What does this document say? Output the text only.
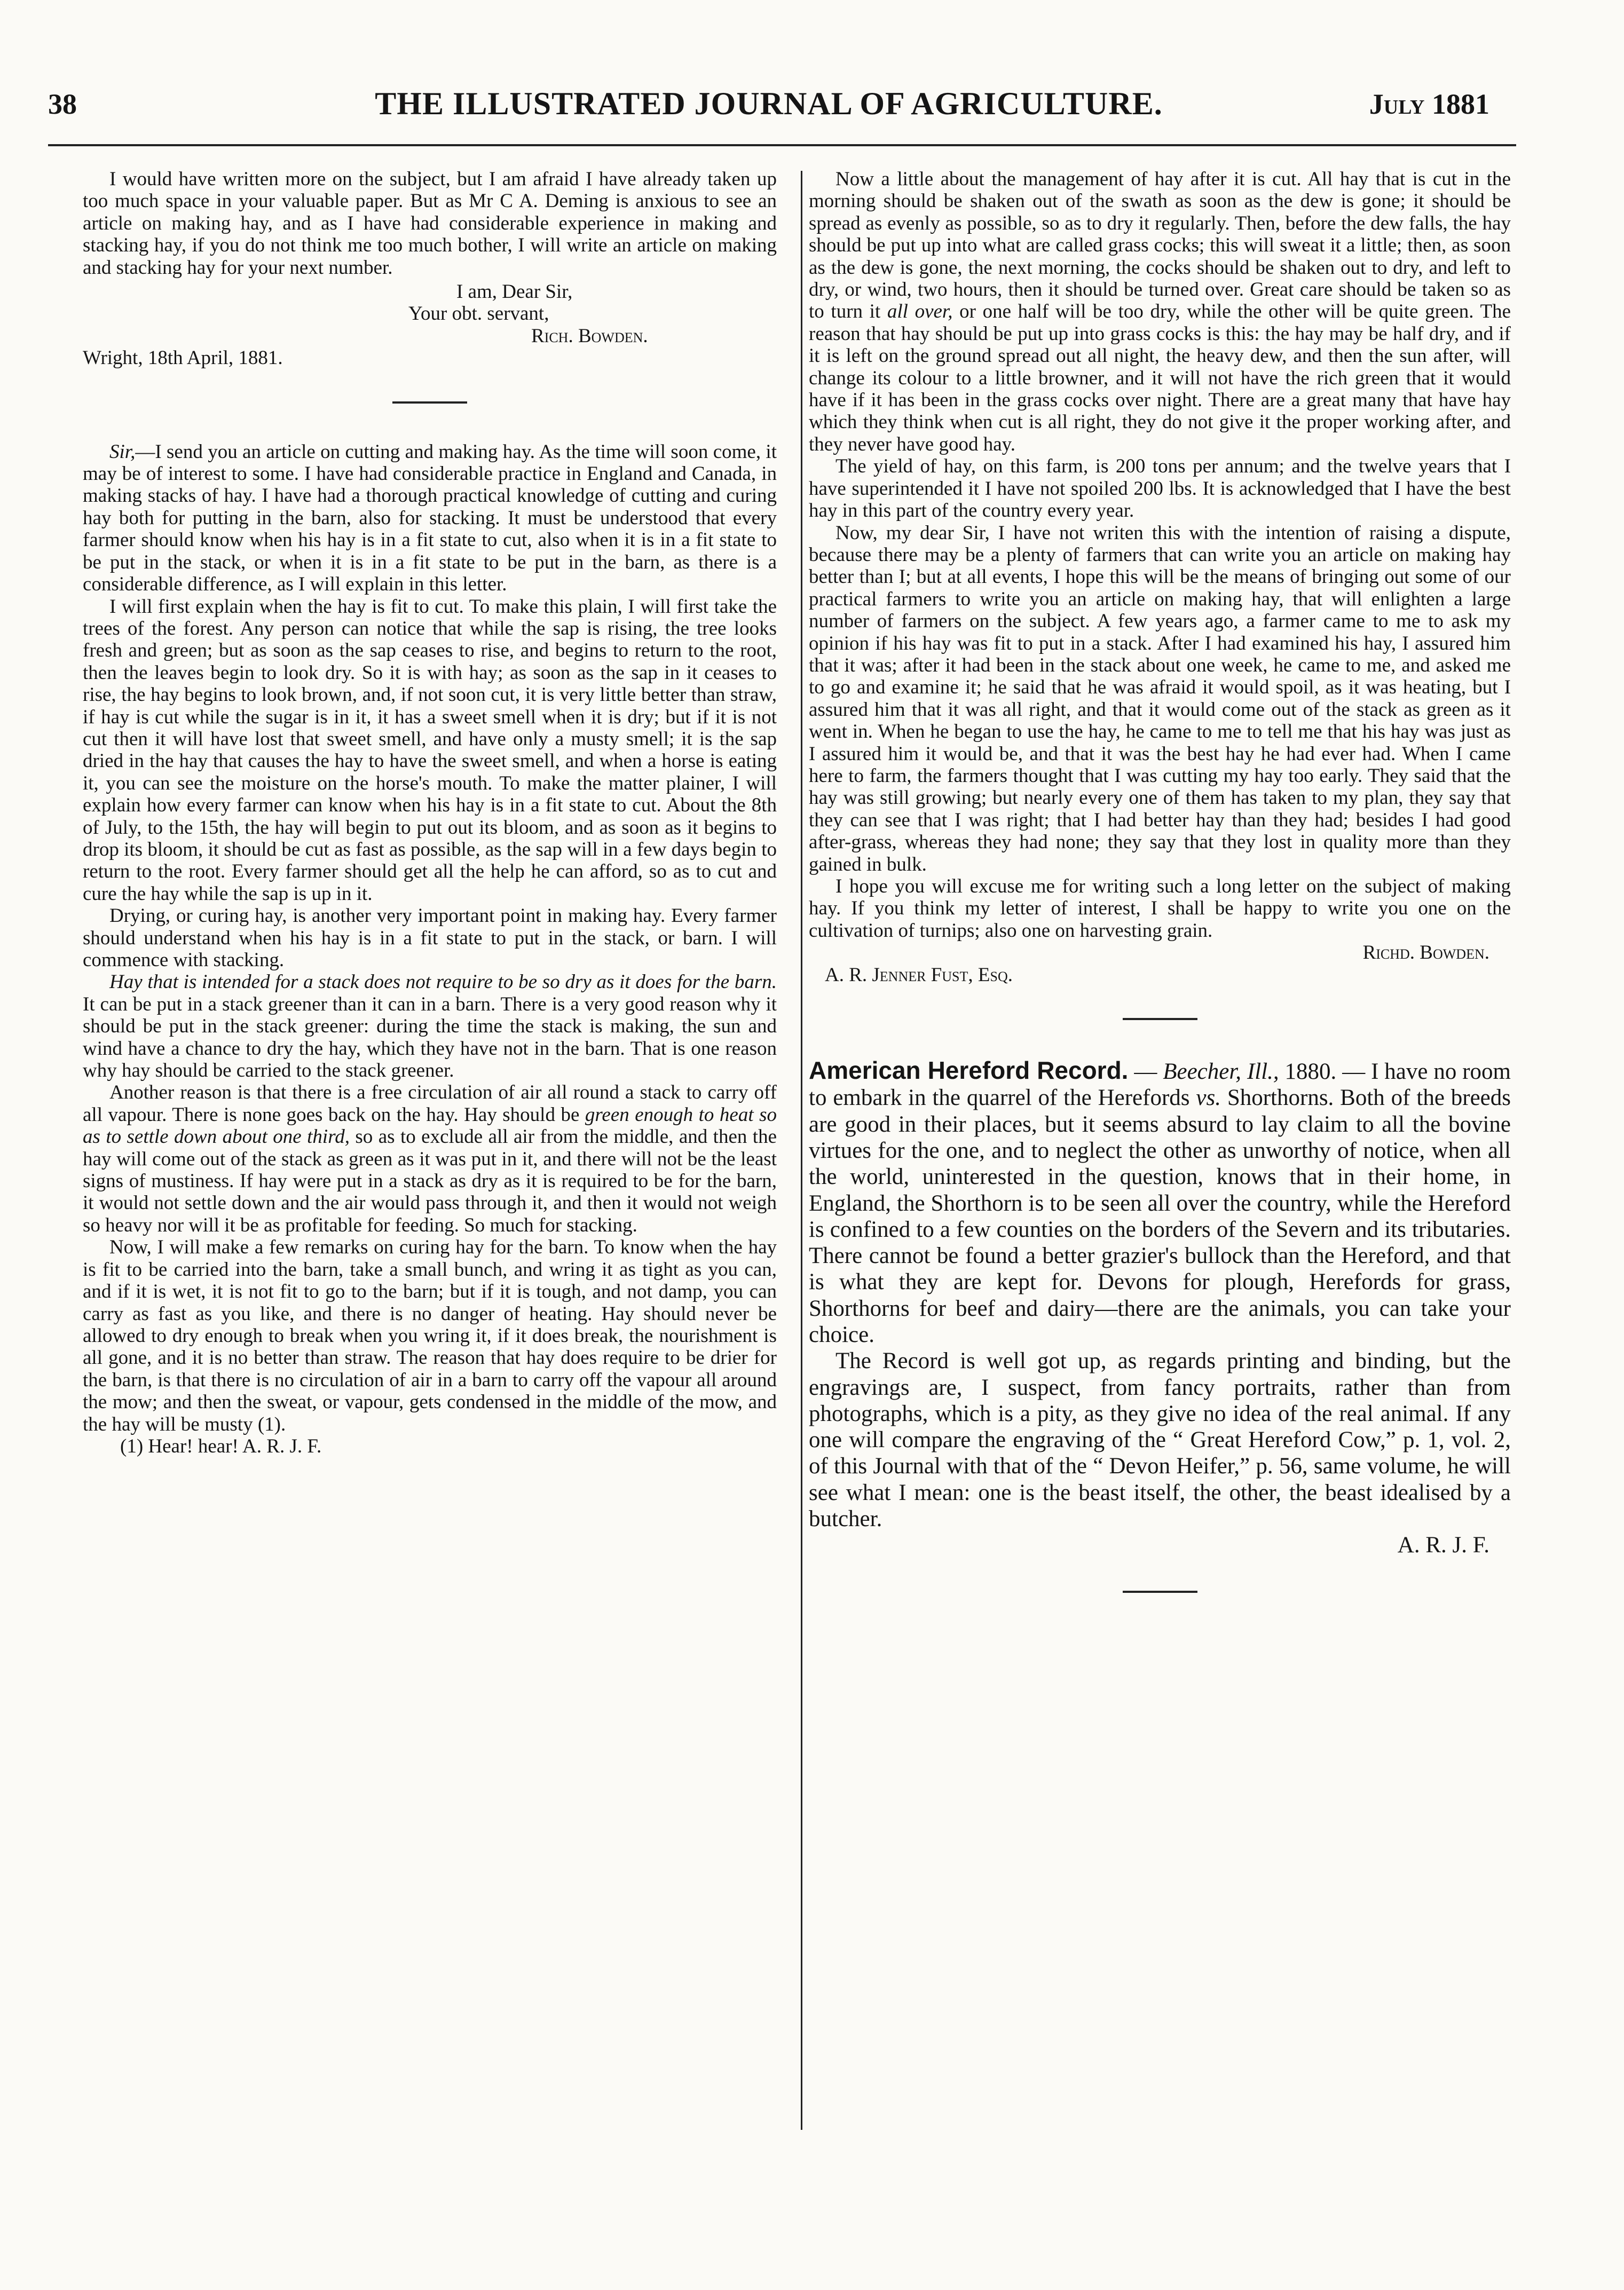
38	THE ILLUSTRATED JOURNAL OF AGRICULTURE.	July 1881

I would have written more on the subject, but I am afraid I have already taken up too much space in your valuable paper. But as Mr C A. Deming is anxious to see an article on making hay, and as I have had considerable experience in making and stacking hay, if you do not think me too much bother, I will write an article on making and stacking hay for your next number.

I am, Dear Sir,
Your obt. servant,
Rich. Bowden.

Wright, 18th April, 1881.

Sir,—I send you an article on cutting and making hay. As the time will soon come, it may be of interest to some. I have had considerable practice in England and Canada, in making stacks of hay. I have had a thorough practical knowledge of cutting and curing hay both for putting in the barn, also for stacking. It must be understood that every farmer should know when his hay is in a fit state to cut, also when it is in a fit state to be put in the stack, or when it is in a fit state to be put in the barn, as there is a considerable difference, as I will explain in this letter.

I will first explain when the hay is fit to cut. To make this plain, I will first take the trees of the forest. Any person can notice that while the sap is rising, the tree looks fresh and green; but as soon as the sap ceases to rise, and begins to return to the root, then the leaves begin to look dry. So it is with hay; as soon as the sap in it ceases to rise, the hay begins to look brown, and, if not soon cut, it is very little better than straw, if hay is cut while the sugar is in it, it has a sweet smell when it is dry; but if it is not cut then it will have lost that sweet smell, and have only a musty smell; it is the sap dried in the hay that causes the hay to have the sweet smell, and when a horse is eating it, you can see the moisture on the horse's mouth. To make the matter plainer, I will explain how every farmer can know when his hay is in a fit state to cut. About the 8th of July, to the 15th, the hay will begin to put out its bloom, and as soon as it begins to drop its bloom, it should be cut as fast as possible, as the sap will in a few days begin to return to the root. Every farmer should get all the help he can afford, so as to cut and cure the hay while the sap is up in it.

Drying, or curing hay, is another very important point in making hay. Every farmer should understand when his hay is in a fit state to put in the stack, or barn. I will commence with stacking.

Hay that is intended for a stack does not require to be so dry as it does for the barn. It can be put in a stack greener than it can in a barn. There is a very good reason why it should be put in the stack greener: during the time the stack is making, the sun and wind have a chance to dry the hay, which they have not in the barn. That is one reason why hay should be carried to the stack greener.

Another reason is that there is a free circulation of air all round a stack to carry off all vapour. There is none goes back on the hay. Hay should be green enough to heat so as to settle down about one third, so as to exclude all air from the middle, and then the hay will come out of the stack as green as it was put in it, and there will not be the least signs of mustiness. If hay were put in a stack as dry as it is required to be for the barn, it would not settle down and the air would pass through it, and then it would not weigh so heavy nor will it be as profitable for feeding. So much for stacking.

Now, I will make a few remarks on curing hay for the barn. To know when the hay is fit to be carried into the barn, take a small bunch, and wring it as tight as you can, and if it is wet, it is not fit to go to the barn; but if it is tough, and not damp, you can carry as fast as you like, and there is no danger of heating. Hay should never be allowed to dry enough to break when you wring it, if it does break, the nourishment is all gone, and it is no better than straw. The reason that hay does require to be drier for the barn, is that there is no circulation of air in a barn to carry off the vapour all around the mow; and then the sweat, or vapour, gets condensed in the middle of the mow, and the hay will be musty (1).

(1) Hear! hear! A. R. J. F.

Now a little about the management of hay after it is cut. All hay that is cut in the morning should be shaken out of the swath as soon as the dew is gone; it should be spread as evenly as possible, so as to dry it regularly. Then, before the dew falls, the hay should be put up into what are called grass cocks; this will sweat it a little; then, as soon as the dew is gone, the next morning, the cocks should be shaken out to dry, and left to dry, or wind, two hours, then it should be turned over. Great care should be taken so as to turn it all over, or one half will be too dry, while the other will be quite green. The reason that hay should be put up into grass cocks is this: the hay may be half dry, and if it is left on the ground spread out all night, the heavy dew, and then the sun after, will change its colour to a little browner, and it will not have the rich green that it would have if it has been in the grass cocks over night. There are a great many that have hay which they think when cut is all right, they do not give it the proper working after, and they never have good hay.

The yield of hay, on this farm, is 200 tons per annum; and the twelve years that I have superintended it I have not spoiled 200 lbs. It is acknowledged that I have the best hay in this part of the country every year.

Now, my dear Sir, I have not writen this with the intention of raising a dispute, because there may be a plenty of farmers that can write you an article on making hay better than I; but at all events, I hope this will be the means of bringing out some of our practical farmers to write you an article on making hay, that will enlighten a large number of farmers on the subject. A few years ago, a farmer came to me to ask my opinion if his hay was fit to put in a stack. After I had examined his hay, I assured him that it was; after it had been in the stack about one week, he came to me, and asked me to go and examine it; he said that he was afraid it would spoil, as it was heating, but I assured him that it was all right, and that it would come out of the stack as green as it went in. When he began to use the hay, he came to me to tell me that his hay was just as I assured him it would be, and that it was the best hay he had ever had. When I came here to farm, the farmers thought that I was cutting my hay too early. They said that the hay was still growing; but nearly every one of them has taken to my plan, they say that they can see that I was right; that I had better hay than they had; besides I had good after-grass, whereas they had none; they say that they lost in quality more than they gained in bulk.

I hope you will excuse me for writing such a long letter on the subject of making hay. If you think my letter of interest, I shall be happy to write you one on the cultivation of turnips; also one on harvesting grain.

Richd. Bowden.

A. R. Jenner Fust, Esq.

American Hereford Record. — Beecher, Ill., 1880. — I have no room to embark in the quarrel of the Herefords vs. Shorthorns. Both of the breeds are good in their places, but it seems absurd to lay claim to all the bovine virtues for the one, and to neglect the other as unworthy of notice, when all the world, uninterested in the question, knows that in their home, in England, the Shorthorn is to be seen all over the country, while the Hereford is confined to a few counties on the borders of the Severn and its tributaries. There cannot be found a better grazier's bullock than the Hereford, and that is what they are kept for. Devons for plough, Herefords for grass, Shorthorns for beef and dairy—there are the animals, you can take your choice.

The Record is well got up, as regards printing and binding, but the engravings are, I suspect, from fancy portraits, rather than from photographs, which is a pity, as they give no idea of the real animal. If any one will compare the engraving of the “ Great Hereford Cow,” p. 1, vol. 2, of this Journal with that of the “ Devon Heifer,” p. 56, same volume, he will see what I mean: one is the beast itself, the other, the beast idealised by a butcher.

A. R. J. F.
